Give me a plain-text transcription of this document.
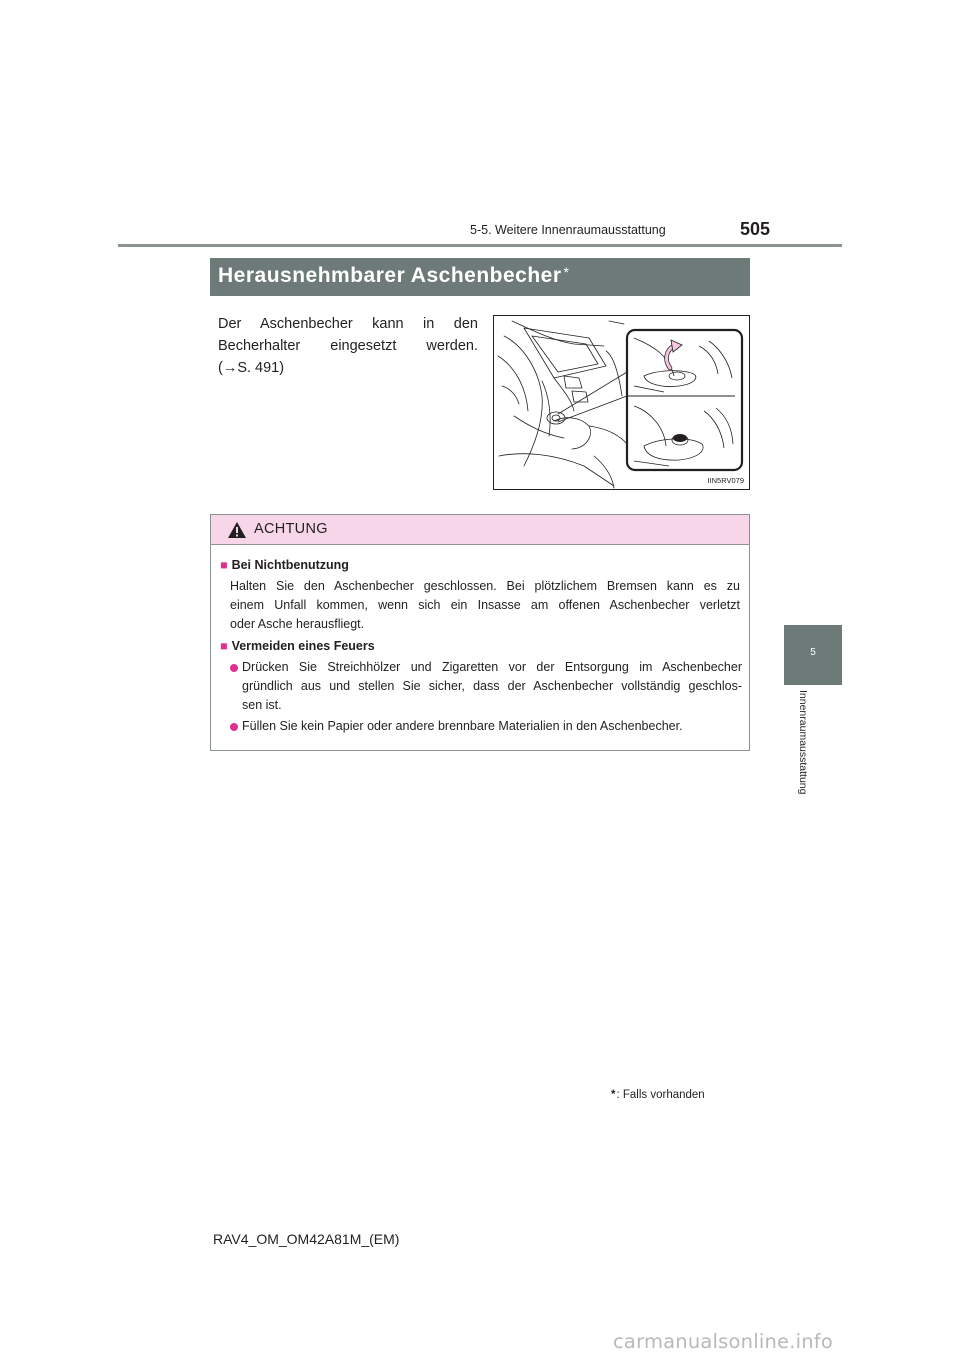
5-5. Weitere Innenraumausstattung	505
5
Innenraumausstattung
Herausnehmbarer Aschenbecher *
Der Aschenbecher kann in den
Becherhalter eingesetzt werden.
(→S. 491)
IIN5RV079
ACHTUNG
■ Bei Nichtbenutzung
Halten Sie den Aschenbecher geschlossen. Bei plötzlichem Bremsen kann es zu
einem Unfall kommen, wenn sich ein Insasse am offenen Aschenbecher verletzt
oder Asche herausfliegt.
■ Vermeiden eines Feuers
Drücken Sie Streichhölzer und Zigaretten vor der Entsorgung im Aschenbecher
gründlich aus und stellen Sie sicher, dass der Aschenbecher vollständig geschlos-
sen ist.
Füllen Sie kein Papier oder andere brennbare Materialien in den Aschenbecher.
*: Falls vorhanden
RAV4_OM_OM42A81M_(EM)
carmanualsonline.info
